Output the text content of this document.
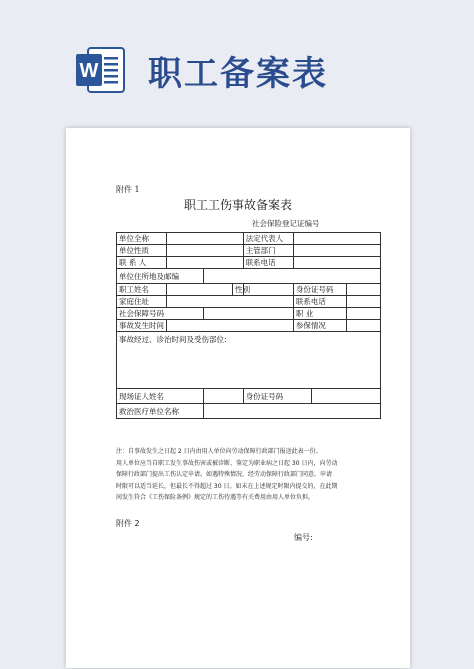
W 职工备案表
附件 1
职工工伤事故备案表
社会保险登记证编号
单位全称				法定代表人			
单位性质				主管部门			
联 系 人				联系电话			
单位住所地及邮编							
职工姓名			性别		身份证号码		
家庭住址					联系电话		
社会保障号码					职 业		
事故发生时间					参保情况		
事故经过、诊治时间及受伤部位:							
现场证人姓名				身份证号码			
救治医疗单位名称							

注：自事故发生之日起 2 日内由用人单位向劳动保障行政部门报送此表一份。

用人单位应当自职工发生事故伤害或被诊断、鉴定为职业病之日起 30 日内，向劳动

保障行政部门提出工伤认定申请。如遇特殊情况，经劳动保障行政部门同意，申请

时限可以适当延长，但最长不得超过 30 日。如未在上述规定时限内提交的，在此期

间发生符合《工伤保险条例》规定的工伤待遇等有关费用由用人单位负担。

附件 2
编号:
